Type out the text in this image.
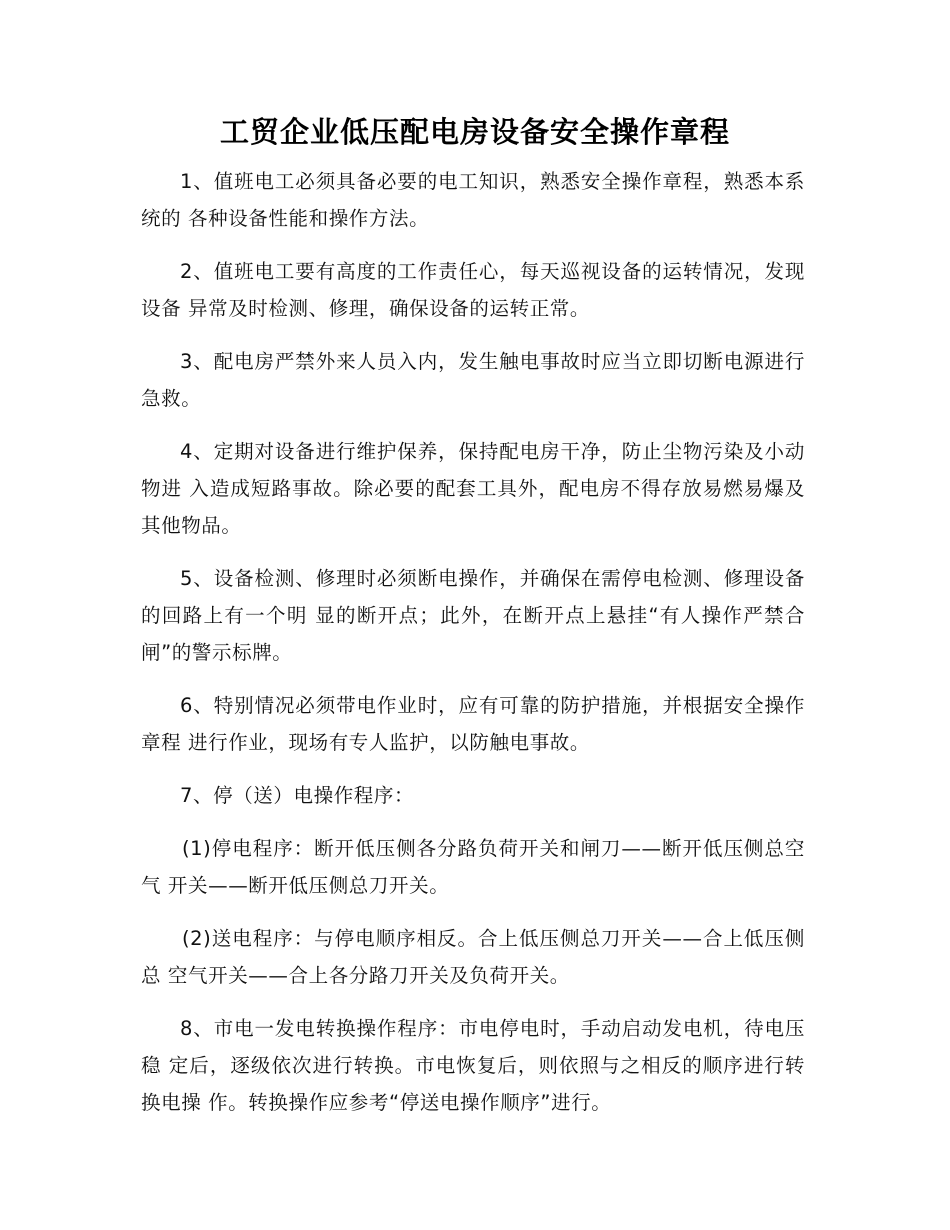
工贸企业低压配电房设备安全操作章程

1、值班电工必须具备必要的电工知识，熟悉安全操作章程，熟悉本系统的 各种设备性能和操作方法。

2、值班电工要有高度的工作责任心，每天巡视设备的运转情况，发现设备 异常及时检测、修理，确保设备的运转正常。

3、配电房严禁外来人员入内，发生触电事故时应当立即切断电源进行急救。

4、定期对设备进行维护保养，保持配电房干净，防止尘物污染及小动物进 入造成短路事故。除必要的配套工具外，配电房不得存放易燃易爆及其他物品。

5、设备检测、修理时必须断电操作，并确保在需停电检测、修理设备的回路上有一个明 显的断开点；此外，在断开点上悬挂“有人操作严禁合闸”的警示标牌。

6、特别情况必须带电作业时，应有可靠的防护措施，并根据安全操作章程 进行作业，现场有专人监护，以防触电事故。

7、停（送）电操作程序：

(1)停电程序：断开低压侧各分路负荷开关和闸刀——断开低压侧总空气 开关——断开低压侧总刀开关。

(2)送电程序：与停电顺序相反。合上低压侧总刀开关——合上低压侧总 空气开关——合上各分路刀开关及负荷开关。

8、市电一发电转换操作程序：市电停电时，手动启动发电机，待电压稳 定后，逐级依次进行转换。市电恢复后，则依照与之相反的顺序进行转换电操 作。转换操作应参考“停送电操作顺序”进行。
